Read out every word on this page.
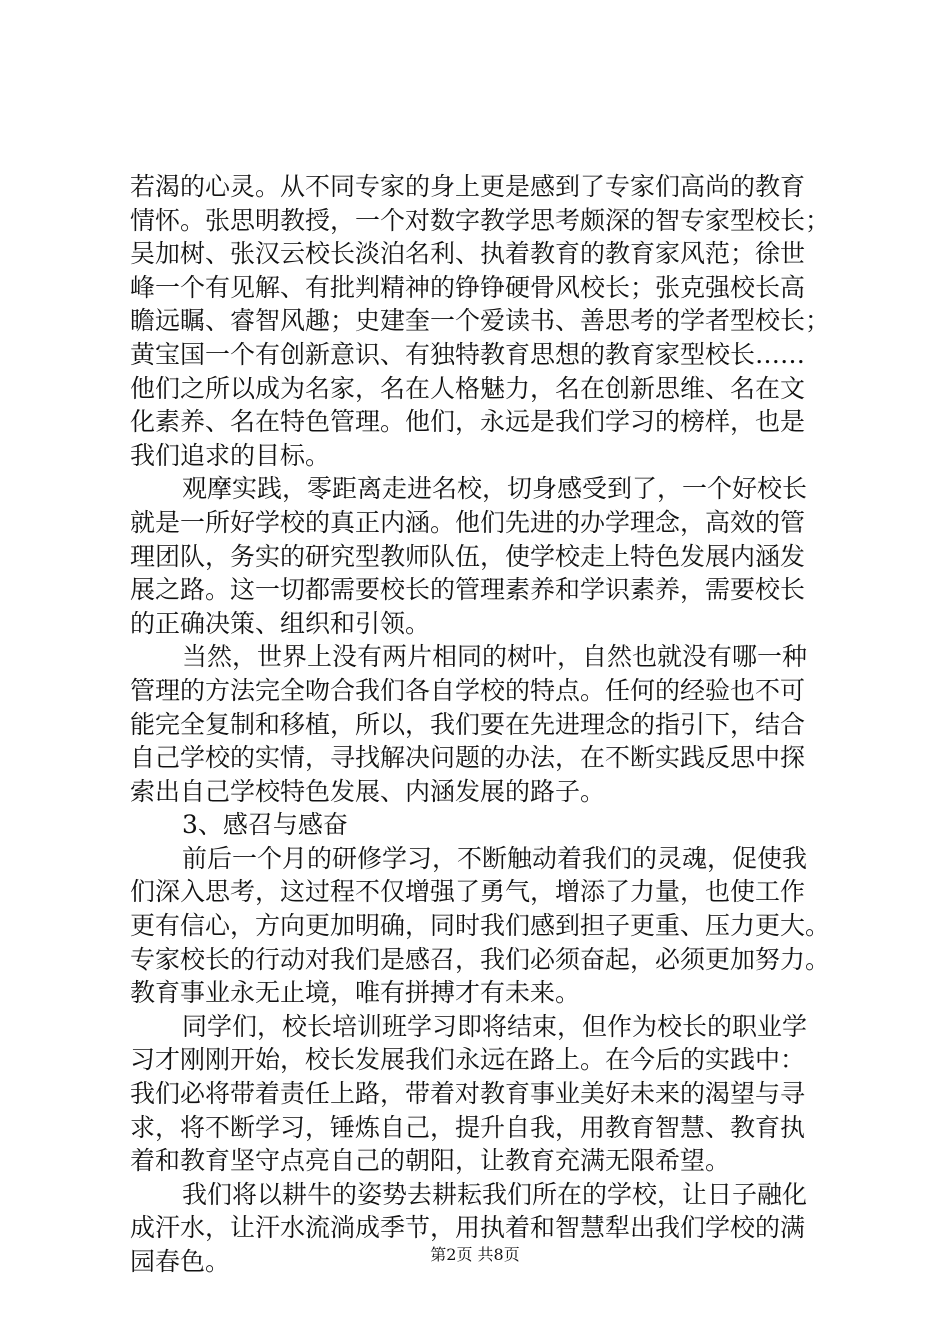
若渴的心灵。从不同专家的身上更是感到了专家们高尚的教育
情怀。张思明教授，一个对数字教学思考颇深的智专家型校长；
吴加树、张汉云校长淡泊名利、执着教育的教育家风范；徐世
峰一个有见解、有批判精神的铮铮硬骨风校长；张克强校长高
瞻远瞩、睿智风趣；史建奎一个爱读书、善思考的学者型校长；
黄宝国一个有创新意识、有独特教育思想的教育家型校长……
他们之所以成为名家，名在人格魅力，名在创新思维、名在文
化素养、名在特色管理。他们，永远是我们学习的榜样，也是
我们追求的目标。
观摩实践，零距离走进名校，切身感受到了，一个好校长
就是一所好学校的真正内涵。他们先进的办学理念，高效的管
理团队，务实的研究型教师队伍，使学校走上特色发展内涵发
展之路。这一切都需要校长的管理素养和学识素养，需要校长
的正确决策、组织和引领。
当然，世界上没有两片相同的树叶，自然也就没有哪一种
管理的方法完全吻合我们各自学校的特点。任何的经验也不可
能完全复制和移植，所以，我们要在先进理念的指引下，结合
自己学校的实情，寻找解决问题的办法，在不断实践反思中探
索出自己学校特色发展、内涵发展的路子。
3、感召与感奋
前后一个月的研修学习，不断触动着我们的灵魂，促使我
们深入思考，这过程不仅增强了勇气，增添了力量，也使工作
更有信心，方向更加明确，同时我们感到担子更重、压力更大。
专家校长的行动对我们是感召，我们必须奋起，必须更加努力。
教育事业永无止境，唯有拼搏才有未来。
同学们，校长培训班学习即将结束，但作为校长的职业学
习才刚刚开始，校长发展我们永远在路上。在今后的实践中：
我们必将带着责任上路，带着对教育事业美好未来的渴望与寻
求，将不断学习，锤炼自己，提升自我，用教育智慧、教育执
着和教育坚守点亮自己的朝阳，让教育充满无限希望。
我们将以耕牛的姿势去耕耘我们所在的学校，让日子融化
成汗水，让汗水流淌成季节，用执着和智慧犁出我们学校的满
园春色。	第2页 共8页
